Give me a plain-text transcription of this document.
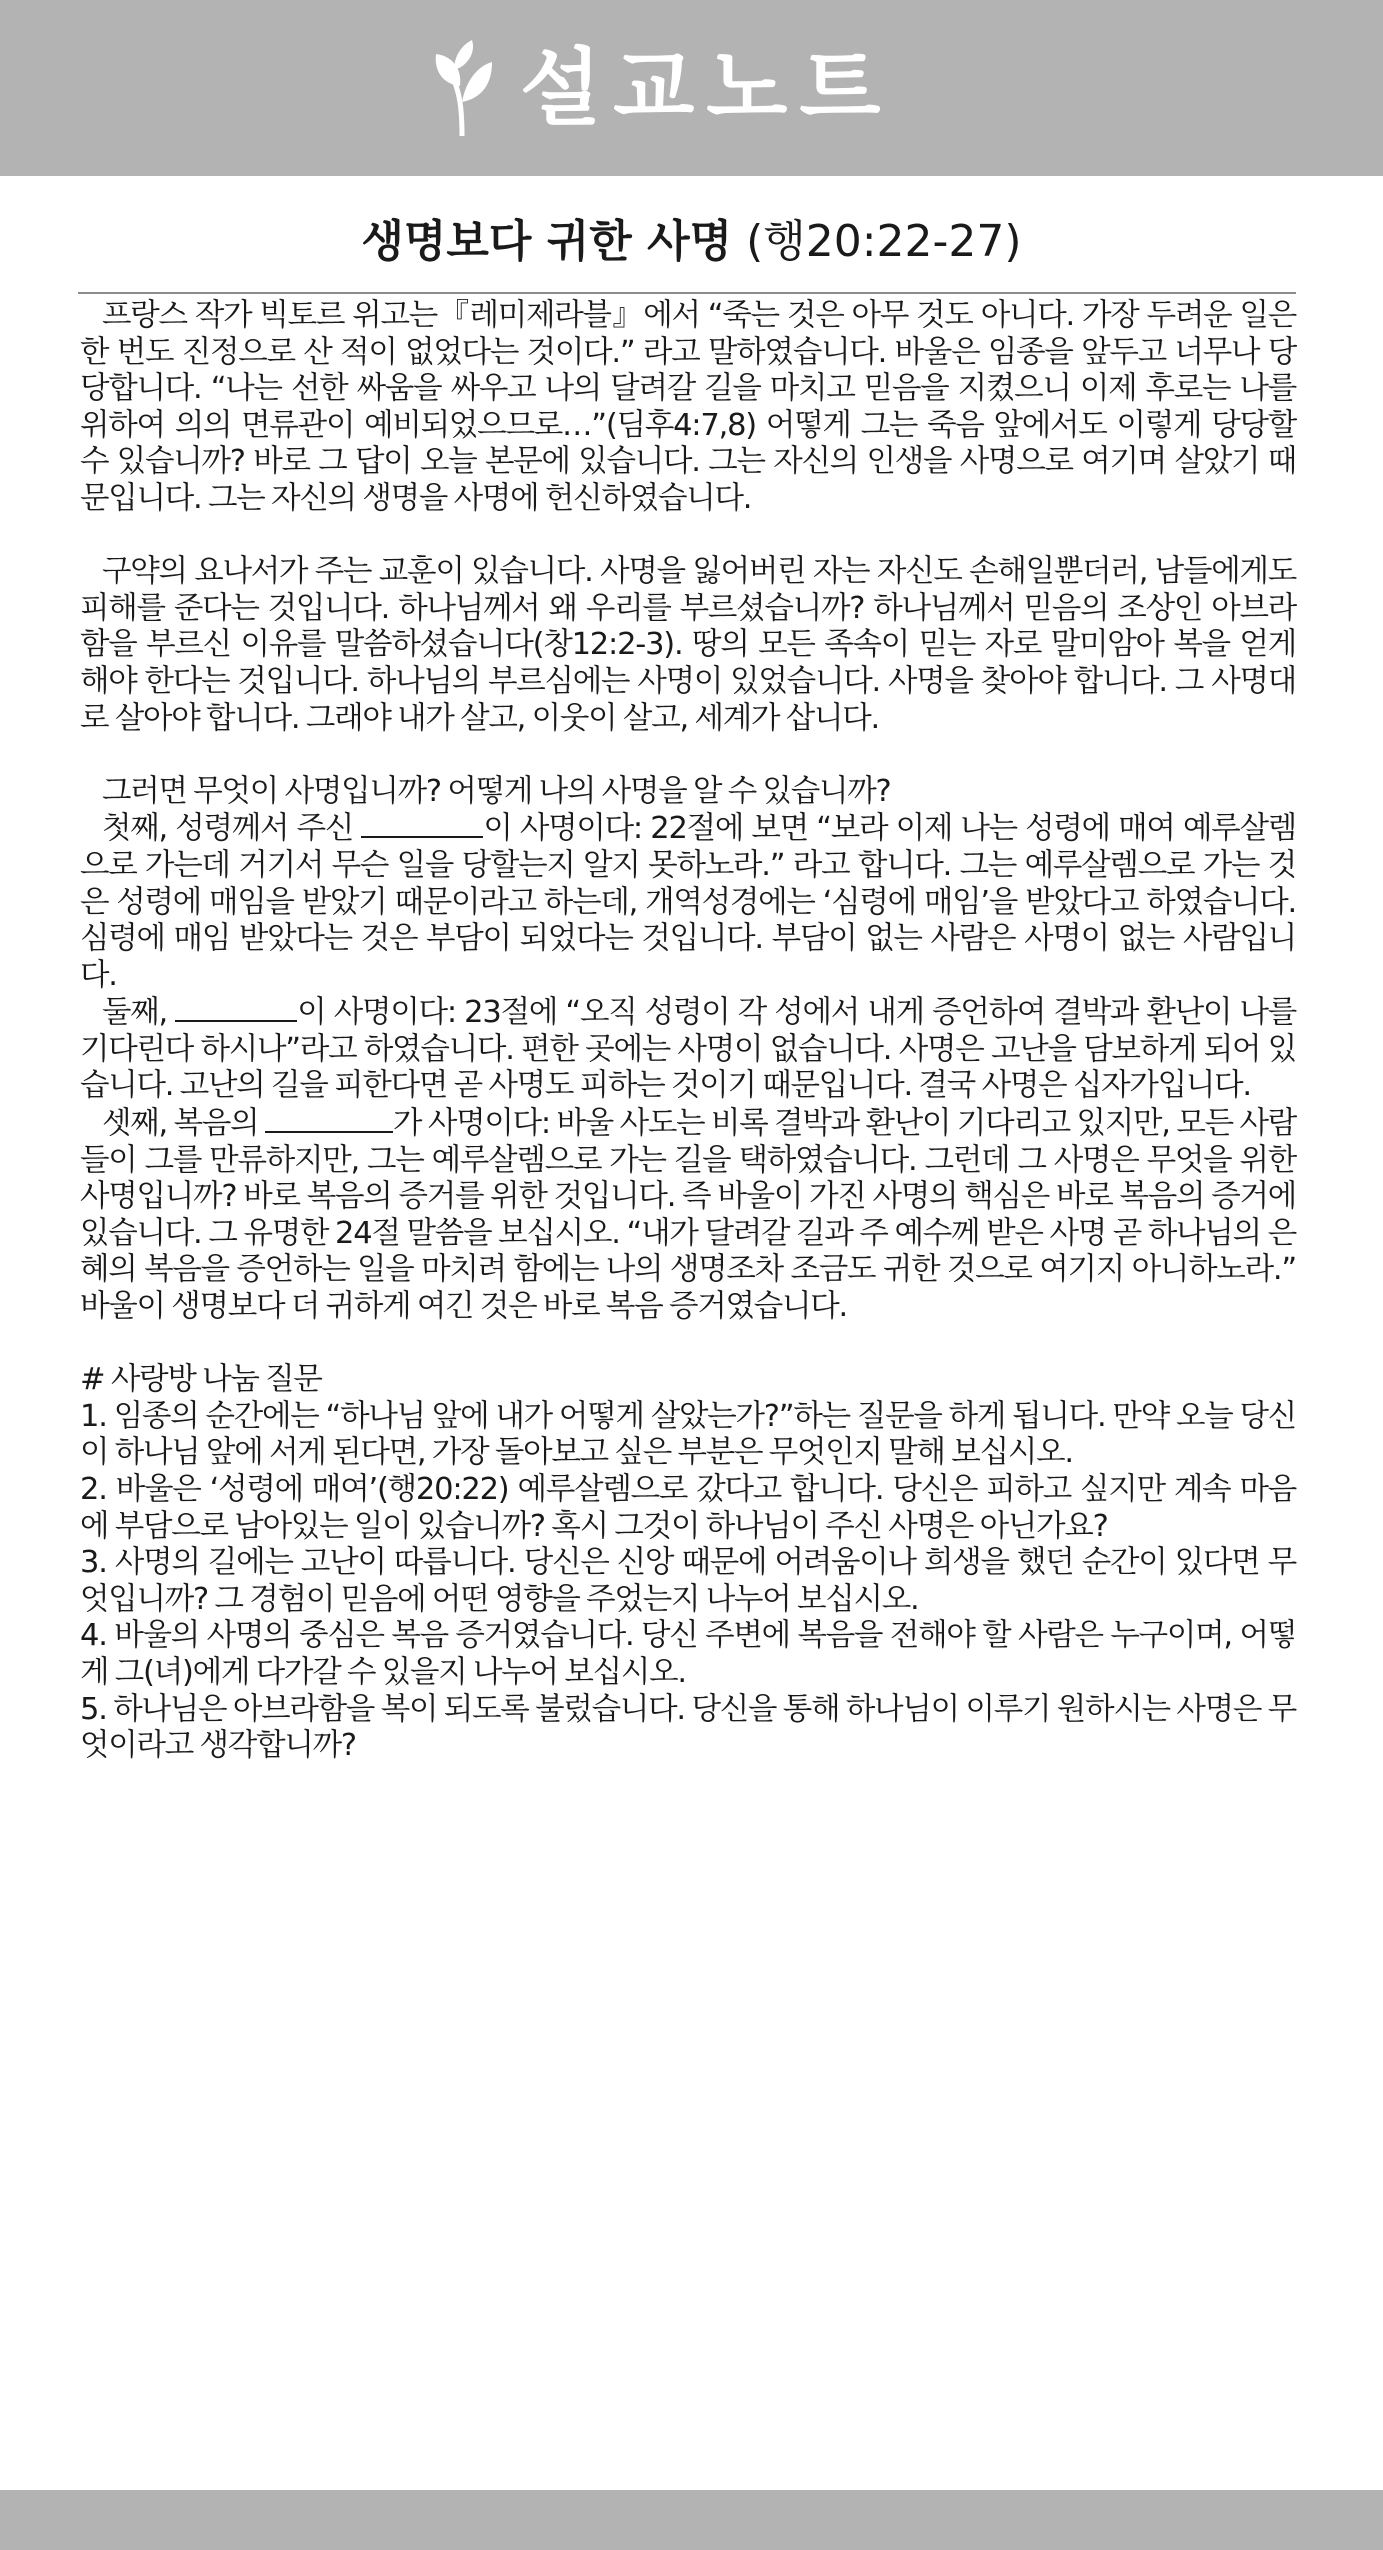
설교노트
생명보다 귀한 사명 (행20:22-27)

프랑스 작가 빅토르 위고는『레미제라블』에서 “죽는 것은 아무 것도 아니다. 가장 두려운 일은 한 번도 진정으로 산 적이 없었다는 것이다.” 라고 말하였습니다. 바울은 임종을 앞두고 너무나 당당합니다. “나는 선한 싸움을 싸우고 나의 달려갈 길을 마치고 믿음을 지켰으니 이제 후로는 나를 위하여 의의 면류관이 예비되었으므로…”(딤후4:7,8) 어떻게 그는 죽음 앞에서도 이렇게 당당할 수 있습니까? 바로 그 답이 오늘 본문에 있습니다. 그는 자신의 인생을 사명으로 여기며 살았기 때문입니다. 그는 자신의 생명을 사명에 헌신하였습니다.

구약의 요나서가 주는 교훈이 있습니다. 사명을 잃어버린 자는 자신도 손해일뿐더러, 남들에게도 피해를 준다는 것입니다. 하나님께서 왜 우리를 부르셨습니까? 하나님께서 믿음의 조상인 아브라함을 부르신 이유를 말씀하셨습니다(창12:2-3). 땅의 모든 족속이 믿는 자로 말미암아 복을 얻게 해야 한다는 것입니다. 하나님의 부르심에는 사명이 있었습니다. 사명을 찾아야 합니다. 그 사명대로 살아야 합니다. 그래야 내가 살고, 이웃이 살고, 세계가 삽니다.

그러면 무엇이 사명입니까? 어떻게 나의 사명을 알 수 있습니까?

첫째, 성령께서 주신	이 사명이다: 22절에 보면 “보라 이제 나는 성령에 매여 예루살렘으로 가는데 거기서 무슨 일을 당할는지 알지 못하노라.” 라고 합니다. 그는 예루살렘으로 가는 것은 성령에 매임을 받았기 때문이라고 하는데, 개역성경에는 ‘심령에 매임’을 받았다고 하였습니다. 심령에 매임 받았다는 것은 부담이 되었다는 것입니다. 부담이 없는 사람은 사명이 없는 사람입니다.

둘째,	이 사명이다: 23절에 “오직 성령이 각 성에서 내게 증언하여 결박과 환난이 나를 기다린다 하시나”라고 하였습니다. 편한 곳에는 사명이 없습니다. 사명은 고난을 담보하게 되어 있습니다. 고난의 길을 피한다면 곧 사명도 피하는 것이기 때문입니다. 결국 사명은 십자가입니다.

셋째, 복음의	가 사명이다: 바울 사도는 비록 결박과 환난이 기다리고 있지만, 모든 사람들이 그를 만류하지만, 그는 예루살렘으로 가는 길을 택하였습니다. 그런데 그 사명은 무엇을 위한 사명입니까? 바로 복음의 증거를 위한 것입니다. 즉 바울이 가진 사명의 핵심은 바로 복음의 증거에 있습니다. 그 유명한 24절 말씀을 보십시오. “내가 달려갈 길과 주 예수께 받은 사명 곧 하나님의 은혜의 복음을 증언하는 일을 마치려 함에는 나의 생명조차 조금도 귀한 것으로 여기지 아니하노라.” 바울이 생명보다 더 귀하게 여긴 것은 바로 복음 증거였습니다.

# 사랑방 나눔 질문

1. 임종의 순간에는 “하나님 앞에 내가 어떻게 살았는가?”하는 질문을 하게 됩니다. 만약 오늘 당신이 하나님 앞에 서게 된다면, 가장 돌아보고 싶은 부분은 무엇인지 말해 보십시오.

2. 바울은 ‘성령에 매여’(행20:22) 예루살렘으로 갔다고 합니다. 당신은 피하고 싶지만 계속 마음에 부담으로 남아있는 일이 있습니까? 혹시 그것이 하나님이 주신 사명은 아닌가요?

3. 사명의 길에는 고난이 따릅니다. 당신은 신앙 때문에 어려움이나 희생을 했던 순간이 있다면 무엇입니까? 그 경험이 믿음에 어떤 영향을 주었는지 나누어 보십시오.

4. 바울의 사명의 중심은 복음 증거였습니다. 당신 주변에 복음을 전해야 할 사람은 누구이며, 어떻게 그(녀)에게 다가갈 수 있을지 나누어 보십시오.

5. 하나님은 아브라함을 복이 되도록 불렀습니다. 당신을 통해 하나님이 이루기 원하시는 사명은 무엇이라고 생각합니까?
